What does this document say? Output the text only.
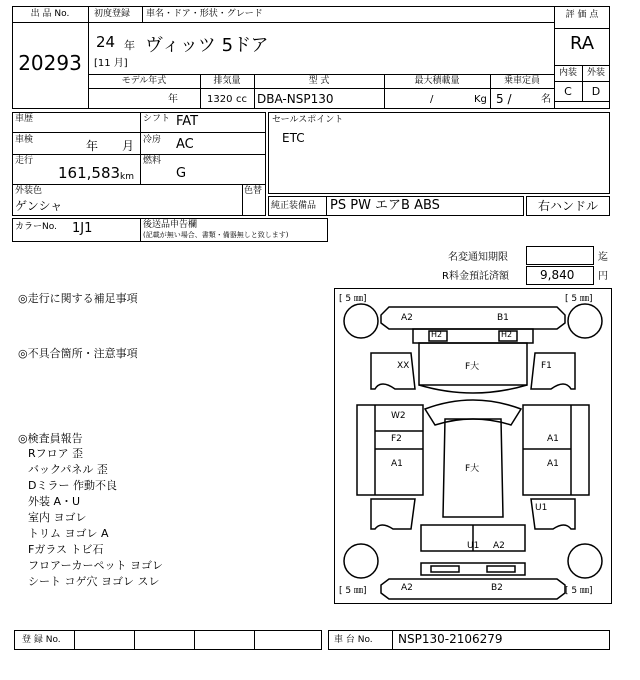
出 品 No.
20293
初度登録 車名・ドア・形状・グレード
24 年
[11 月]
ヴィッツ 5ドア
評 価 点
RA
内装	外装
C	D
モデル年式	排気量	型 式	最大積載量	乗車定員
年	1320 cc DBA-NSP130	/	Kg 5 /	名
車歴	シフト FAT
車検	年 月 冷房 AC
走行
161,583 km
燃料
G
外装色
ゲンシャ
色替
セールスポイント
ETC
純正装備品 PS PW エアB ABS	右ハンドル
カラーNo. 1J1	後送品申告欄
(記載が無い場合、書類・備器無しと致します)
名変通知期限	迄
R料金預託済額	9,840 円
◎走行に関する補足事項
◎不具合箇所・注意事項
◎検査員報告
Rフロア 歪
バックパネル 歪
Dミラー 作動不良
外装 A・U
室内 ヨゴレ
トリム ヨゴレ A
Fガラス トビ石
フロアーカーペット ヨゴレ
シート コゲ穴 ヨゴレ スレ
[ 5 ㎜]	[ 5 ㎜]
[ 5 ㎜]	[ 5 ㎜]
A2	B1
H2	H2
F大
XX	F1
W2
F2
A1	F大
A1
A1
U1
U1 A2
A2	B2
登 録 No.	車 台 No. NSP130-2106279
